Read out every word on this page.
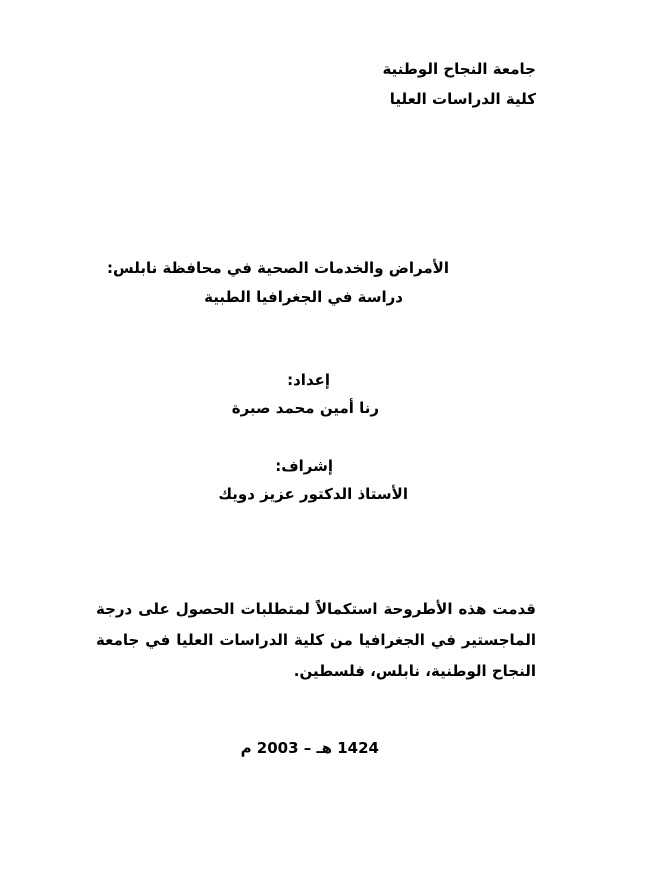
جامعة النجاح الوطنية
كلية الدراسات العليا
الأمراض والخدمات الصحية في محافظة نابلس:
دراسة في الجغرافيا الطبية
إعداد:
رنا أمين محمد صبرة
إشراف:
الأستاذ الدكتور عزيز دويك
قدمت هذه الأطروحة استكمالاً لمتطلبات الحصول على درجة الماجستير في الجغرافيا من كلية الدراسات العليا في جامعة النجاح الوطنية، نابلس، فلسطين.
1424 هـ – 2003 م
